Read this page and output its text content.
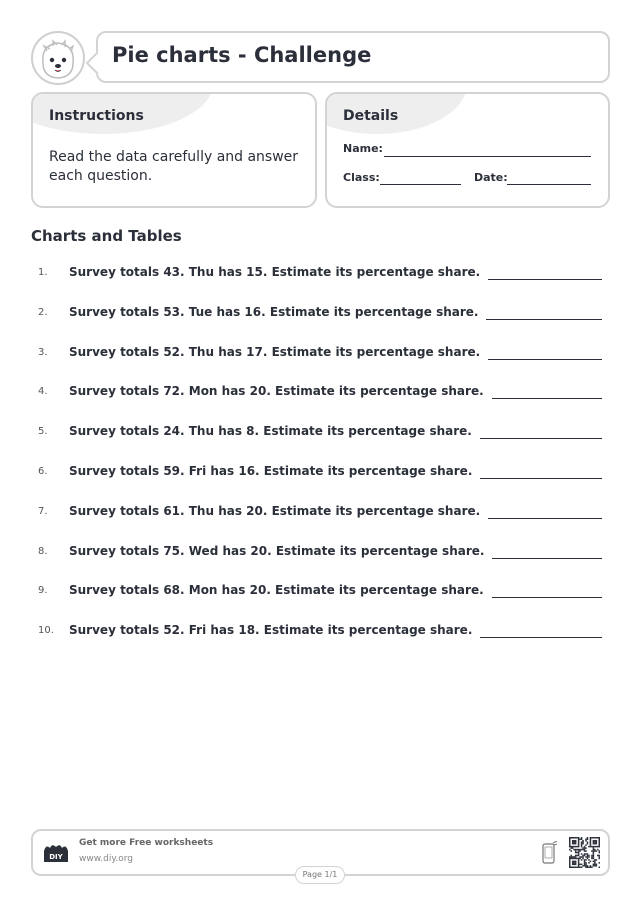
Pie charts - Challenge
Instructions
Read the data carefully and answer each question.
Details
Name:
Class:	Date:
Charts and Tables
1. Survey totals 43. Thu has 15. Estimate its percentage share.
2. Survey totals 53. Tue has 16. Estimate its percentage share.
3. Survey totals 52. Thu has 17. Estimate its percentage share.
4. Survey totals 72. Mon has 20. Estimate its percentage share.
5. Survey totals 24. Thu has 8. Estimate its percentage share.
6. Survey totals 59. Fri has 16. Estimate its percentage share.
7. Survey totals 61. Thu has 20. Estimate its percentage share.
8. Survey totals 75. Wed has 20. Estimate its percentage share.
9. Survey totals 68. Mon has 20. Estimate its percentage share.
10. Survey totals 52. Fri has 18. Estimate its percentage share.
DIY
Get more Free worksheets
www.diy.org
Page 1/1
